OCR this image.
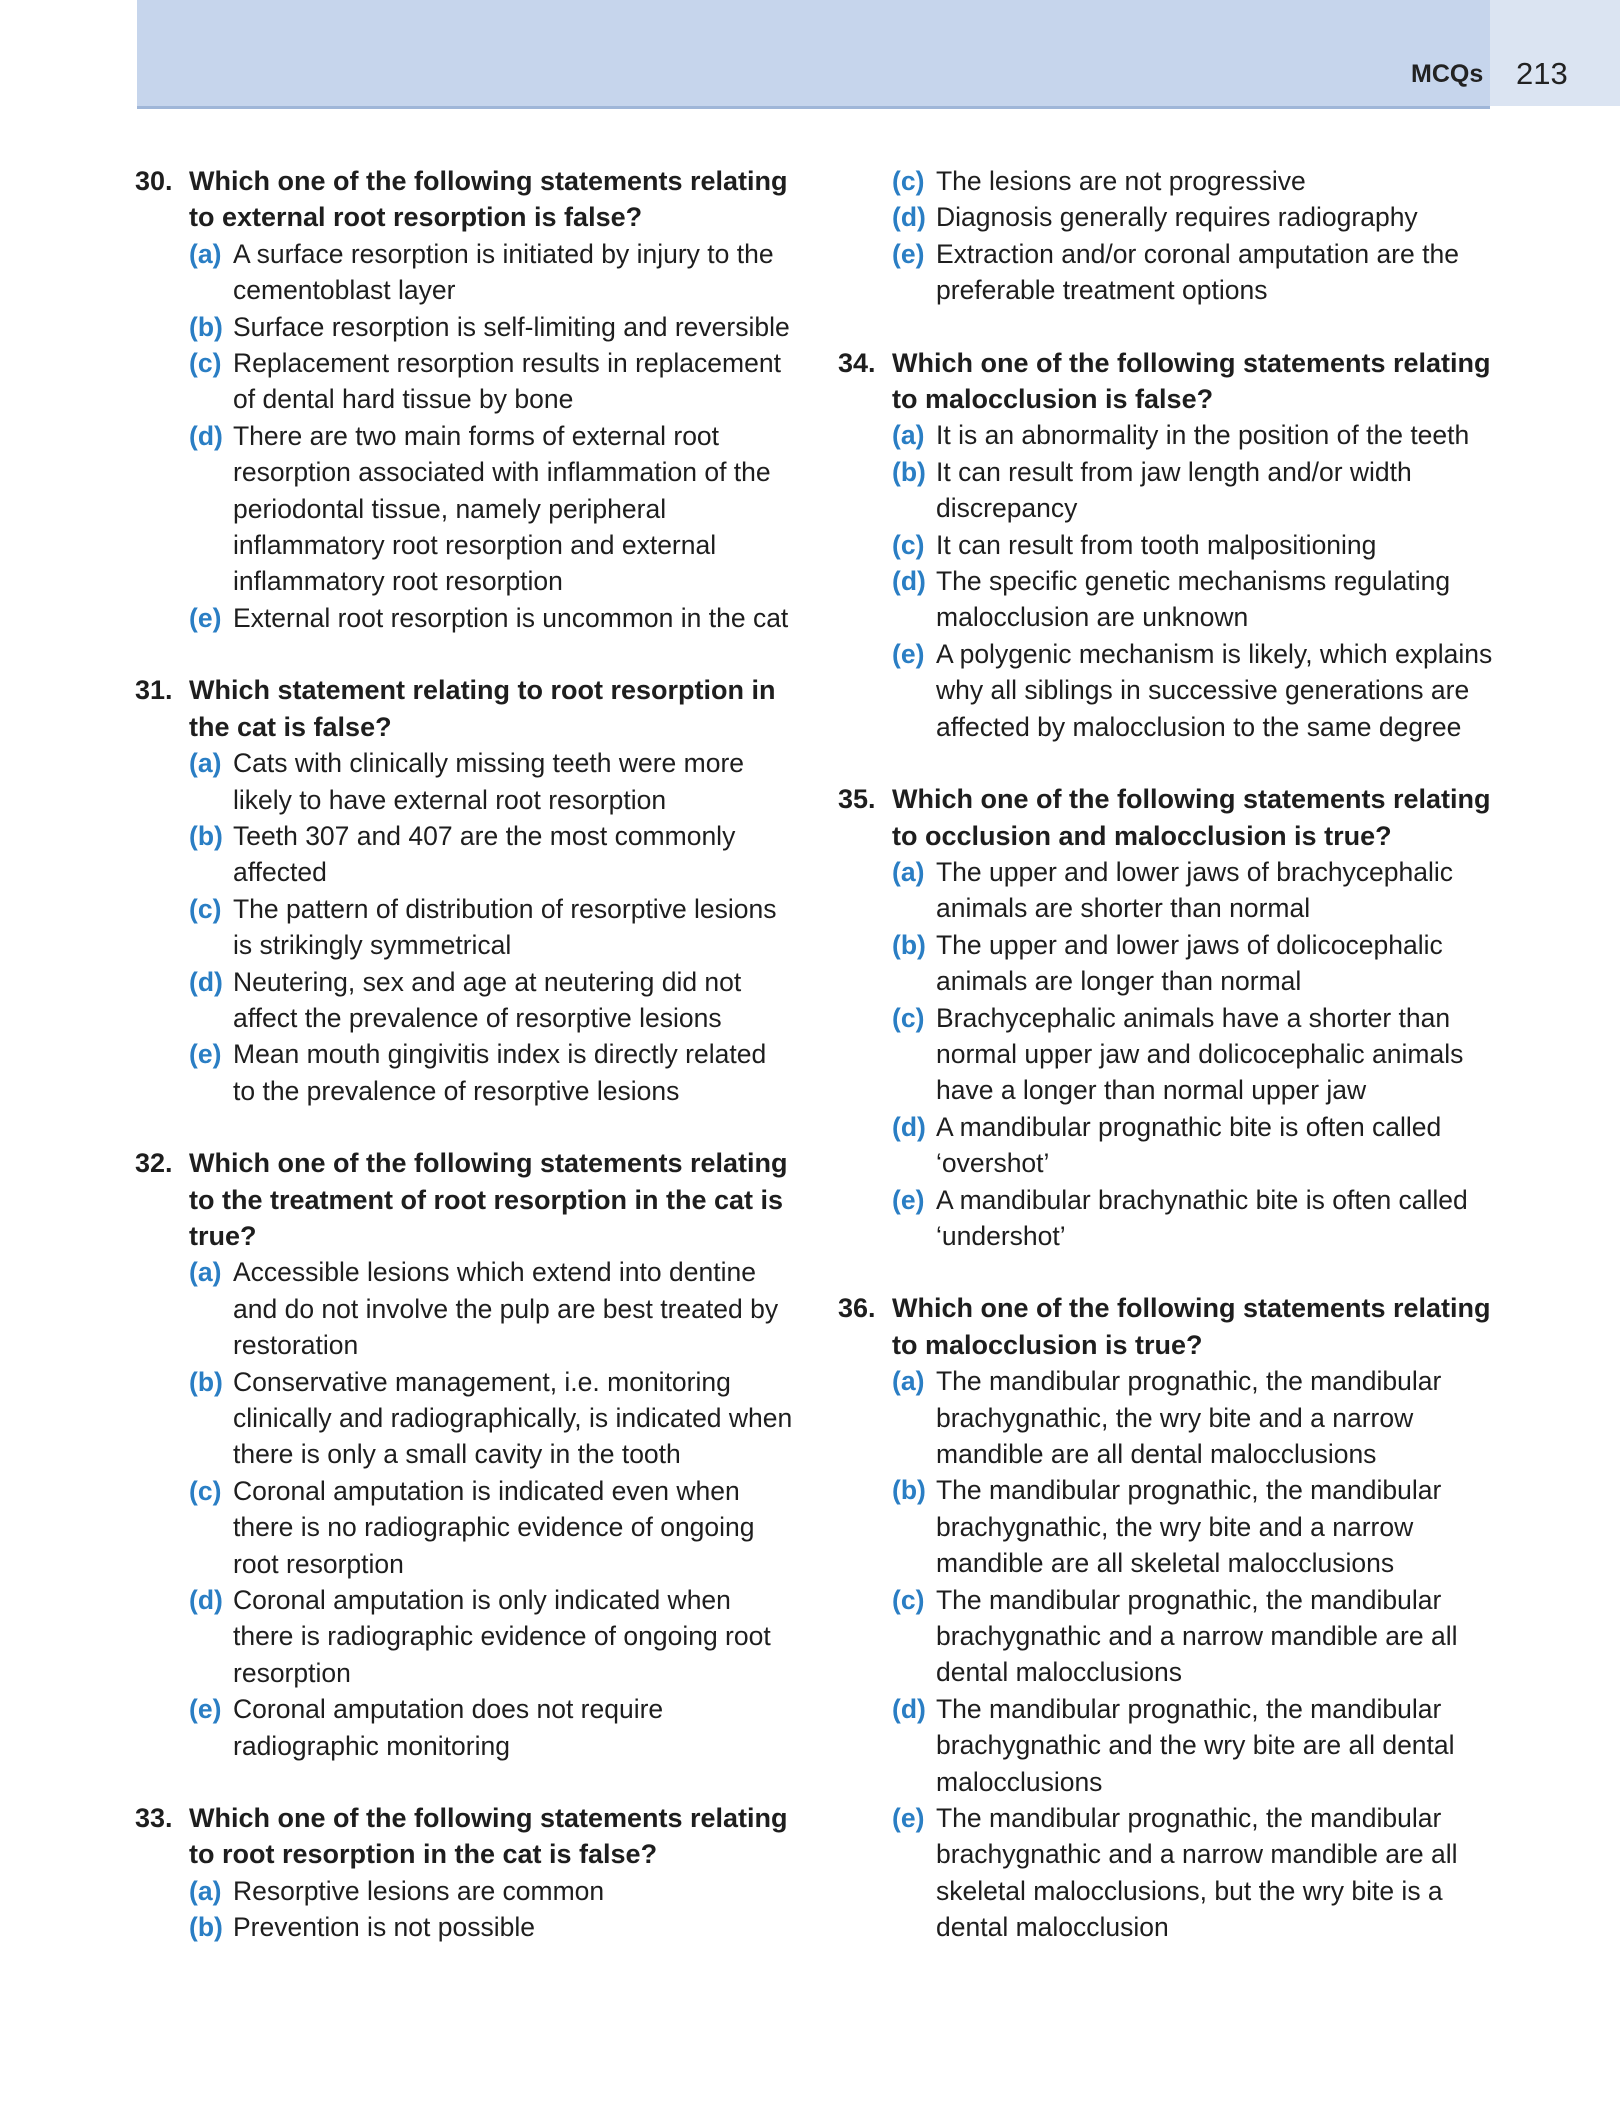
MCQs 213
30. Which one of the following statements relating to external root resorption is false?
(a) A surface resorption is initiated by injury to the cementoblast layer
(b) Surface resorption is self-limiting and reversible
(c) Replacement resorption results in replacement of dental hard tissue by bone
(d) There are two main forms of external root resorption associated with inflammation of the periodontal tissue, namely peripheral inflammatory root resorption and external inflammatory root resorption
(e) External root resorption is uncommon in the cat
31. Which statement relating to root resorption in the cat is false?
(a) Cats with clinically missing teeth were more likely to have external root resorption
(b) Teeth 307 and 407 are the most commonly affected
(c) The pattern of distribution of resorptive lesions is strikingly symmetrical
(d) Neutering, sex and age at neutering did not affect the prevalence of resorptive lesions
(e) Mean mouth gingivitis index is directly related to the prevalence of resorptive lesions
32. Which one of the following statements relating to the treatment of root resorption in the cat is true?
(a) Accessible lesions which extend into dentine and do not involve the pulp are best treated by restoration
(b) Conservative management, i.e. monitoring clinically and radiographically, is indicated when there is only a small cavity in the tooth
(c) Coronal amputation is indicated even when there is no radiographic evidence of ongoing root resorption
(d) Coronal amputation is only indicated when there is radiographic evidence of ongoing root resorption
(e) Coronal amputation does not require radiographic monitoring
33. Which one of the following statements relating to root resorption in the cat is false?
(a) Resorptive lesions are common
(b) Prevention is not possible
(c) The lesions are not progressive
(d) Diagnosis generally requires radiography
(e) Extraction and/or coronal amputation are the preferable treatment options
34. Which one of the following statements relating to malocclusion is false?
(a) It is an abnormality in the position of the teeth
(b) It can result from jaw length and/or width discrepancy
(c) It can result from tooth malpositioning
(d) The specific genetic mechanisms regulating malocclusion are unknown
(e) A polygenic mechanism is likely, which explains why all siblings in successive generations are affected by malocclusion to the same degree
35. Which one of the following statements relating to occlusion and malocclusion is true?
(a) The upper and lower jaws of brachycephalic animals are shorter than normal
(b) The upper and lower jaws of dolicocephalic animals are longer than normal
(c) Brachycephalic animals have a shorter than normal upper jaw and dolicocephalic animals have a longer than normal upper jaw
(d) A mandibular prognathic bite is often called ‘overshot’
(e) A mandibular brachynathic bite is often called ‘undershot’
36. Which one of the following statements relating to malocclusion is true?
(a) The mandibular prognathic, the mandibular brachygnathic, the wry bite and a narrow mandible are all dental malocclusions
(b) The mandibular prognathic, the mandibular brachygnathic, the wry bite and a narrow mandible are all skeletal malocclusions
(c) The mandibular prognathic, the mandibular brachygnathic and a narrow mandible are all dental malocclusions
(d) The mandibular prognathic, the mandibular brachygnathic and the wry bite are all dental malocclusions
(e) The mandibular prognathic, the mandibular brachygnathic and a narrow mandible are all skeletal malocclusions, but the wry bite is a dental malocclusion
